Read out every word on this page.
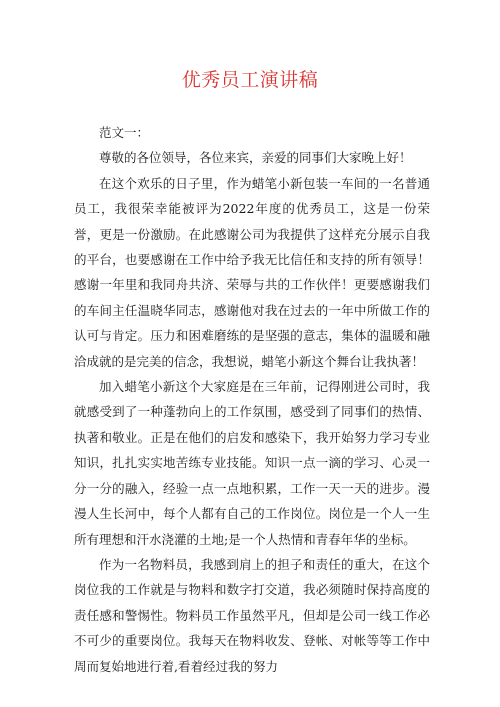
优秀员工演讲稿

范文一：

尊敬的各位领导，各位来宾，亲爱的同事们大家晚上好！

在这个欢乐的日子里，作为蜡笔小新包装一车间的一名普通员工，我很荣幸能被评为2022年度的优秀员工，这是一份荣誉，更是一份激励。在此感谢公司为我提供了这样充分展示自我的平台，也要感谢在工作中给予我无比信任和支持的所有领导！感谢一年里和我同舟共济、荣辱与共的工作伙伴！更要感谢我们的车间主任温晓华同志，感谢他对我在过去的一年中所做工作的认可与肯定。压力和困难磨练的是坚强的意志，集体的温暖和融洽成就的是完美的信念，我想说，蜡笔小新这个舞台让我执著！

加入蜡笔小新这个大家庭是在三年前，记得刚进公司时，我就感受到了一种蓬勃向上的工作氛围，感受到了同事们的热情、执著和敬业。正是在他们的启发和感染下，我开始努力学习专业知识，扎扎实实地苦练专业技能。知识一点一滴的学习、心灵一分一分的融入，经验一点一点地积累，工作一天一天的进步。漫漫人生长河中，每个人都有自己的工作岗位。岗位是一个人一生所有理想和汗水浇灌的土地;是一个人热情和青春年华的坐标。

作为一名物料员，我感到肩上的担子和责任的重大，在这个岗位我的工作就是与物料和数字打交道，我必须随时保持高度的责任感和警惕性。物料员工作虽然平凡，但却是公司一线工作必不可少的重要岗位。我每天在物料收发、登帐、对帐等等工作中周而复始地进行着,看着经过我的努力
